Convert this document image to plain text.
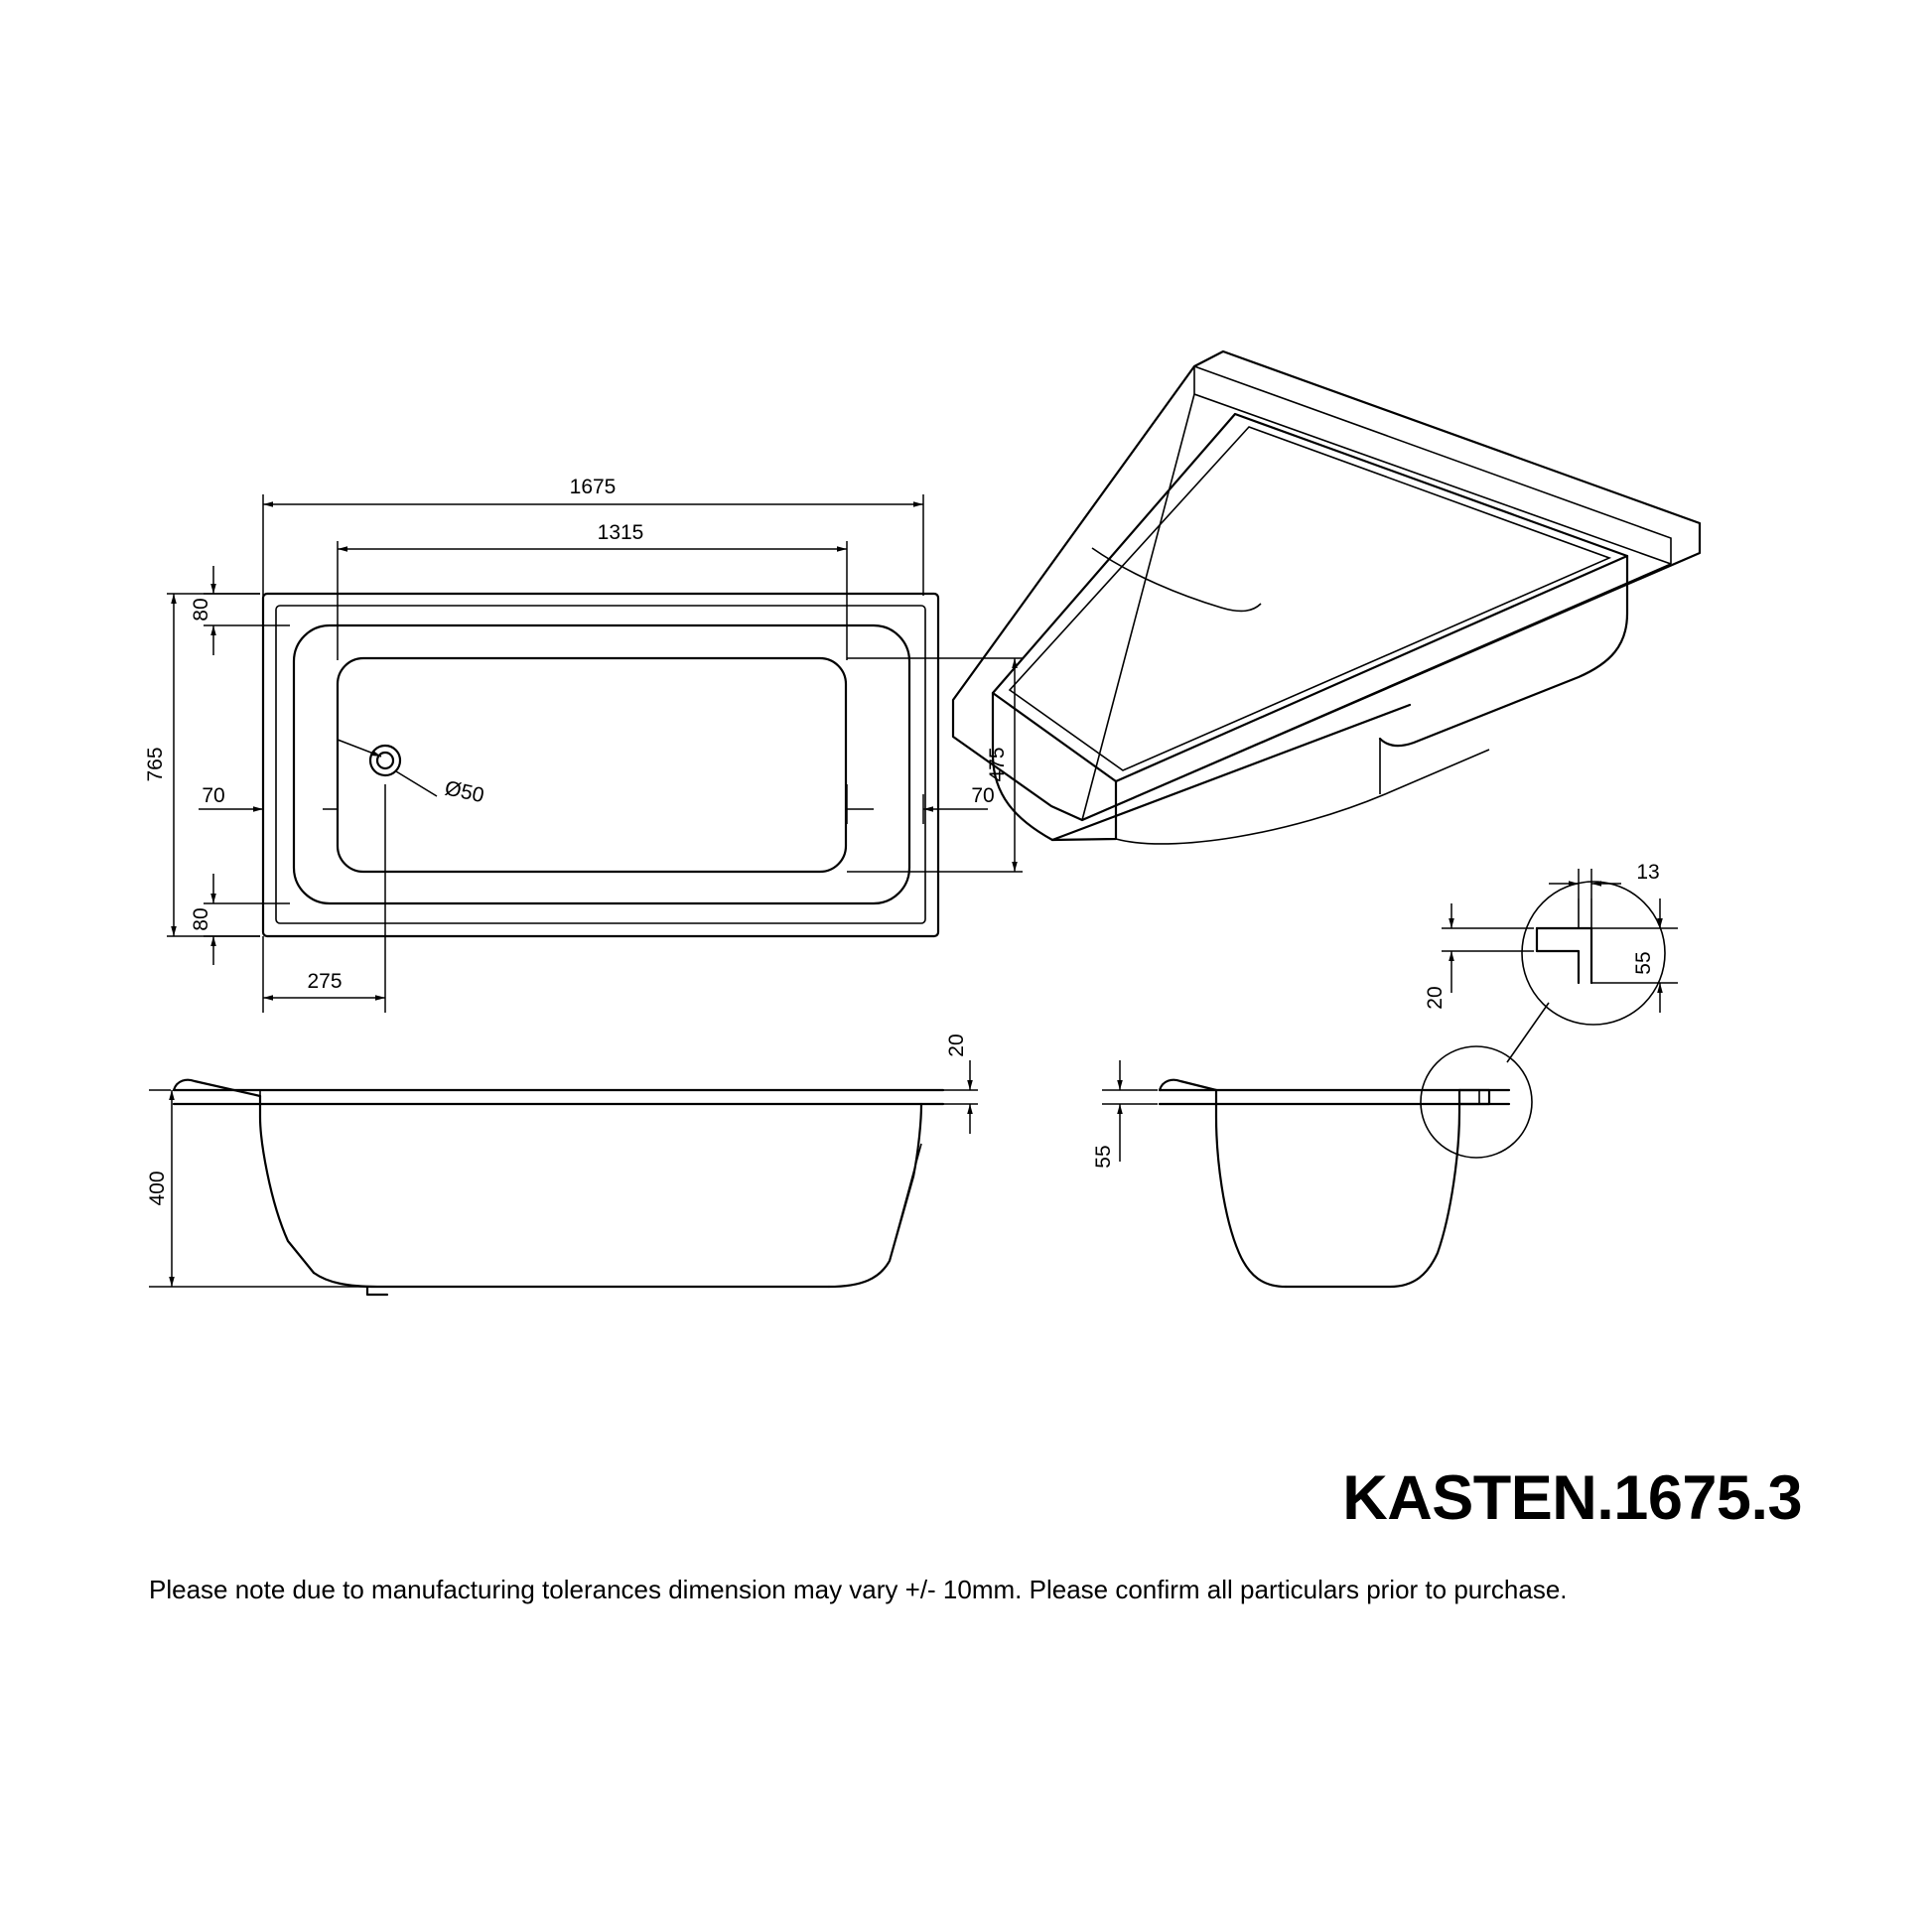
1675
1315
765	475
80
80
70	70
275
Ø50
400
20
55
13
55
20
KASTEN.1675.3
Please note due to manufacturing tolerances dimension may vary +/- 10mm. Please confirm all particulars prior to purchase.
